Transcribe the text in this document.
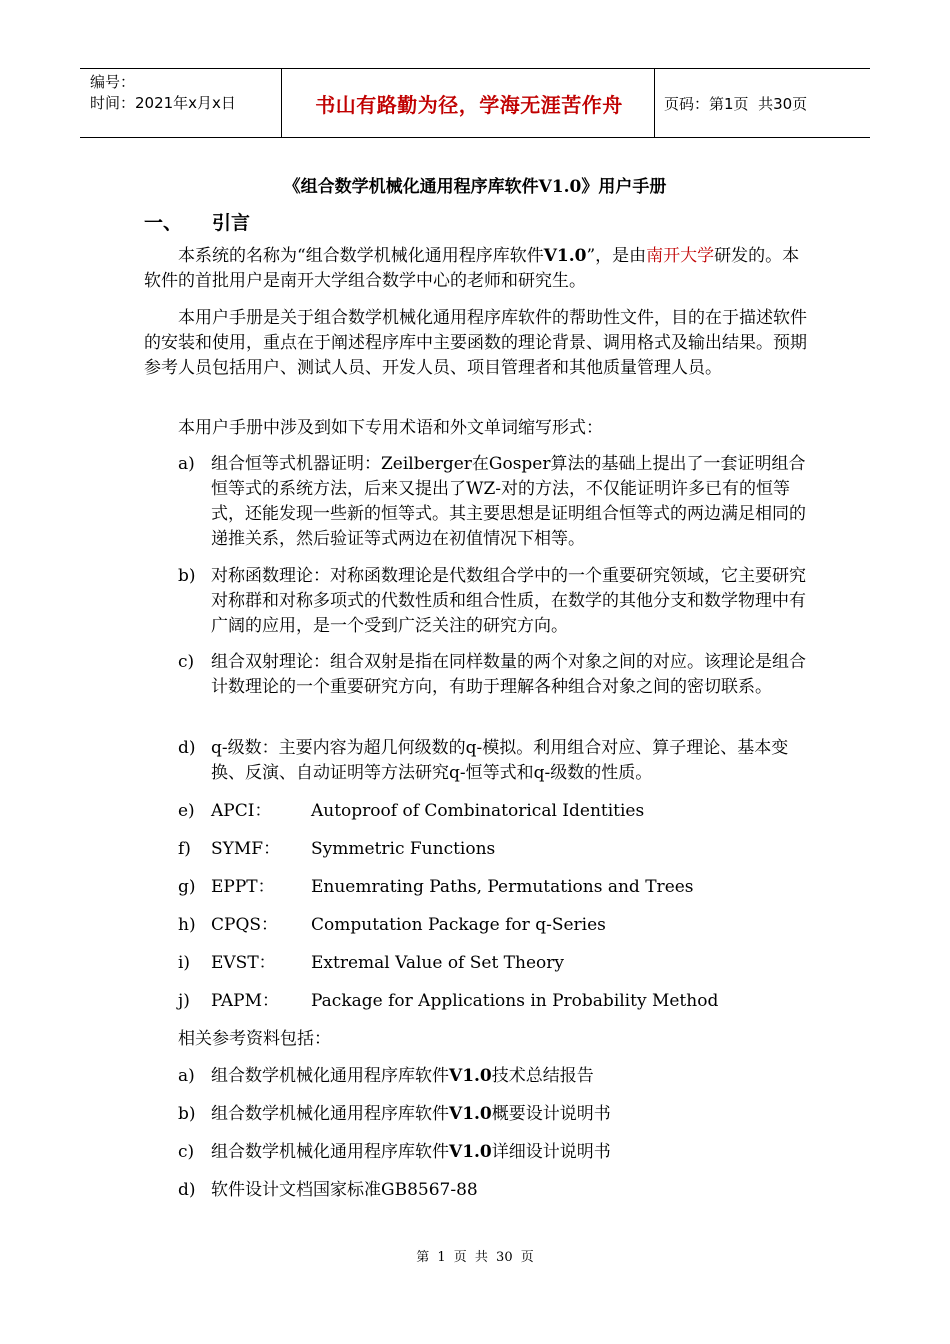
编号：
时间：2021年x月x日	书山有路勤为径，学海无涯苦作舟	页码：第1页  共30页
《组合数学机械化通用程序库软件V1.0》用户手册
一、 引言
本系统的名称为“组合数学机械化通用程序库软件V1.0”，是由南开大学研发的。本软件的首批用户是南开大学组合数学中心的老师和研究生。
本用户手册是关于组合数学机械化通用程序库软件的帮助性文件，目的在于描述软件的安装和使用，重点在于阐述程序库中主要函数的理论背景、调用格式及输出结果。预期参考人员包括用户、测试人员、开发人员、项目管理者和其他质量管理人员。
本用户手册中涉及到如下专用术语和外文单词缩写形式：
a) 组合恒等式机器证明：Zeilberger在Gosper算法的基础上提出了一套证明组合恒等式的系统方法，后来又提出了WZ-对的方法，不仅能证明许多已有的恒等式，还能发现一些新的恒等式。其主要思想是证明组合恒等式的两边满足相同的递推关系，然后验证等式两边在初值情况下相等。
b) 对称函数理论：对称函数理论是代数组合学中的一个重要研究领域，它主要研究对称群和对称多项式的代数性质和组合性质，在数学的其他分支和数学物理中有广阔的应用，是一个受到广泛关注的研究方向。
c) 组合双射理论：组合双射是指在同样数量的两个对象之间的对应。该理论是组合计数理论的一个重要研究方向，有助于理解各种组合对象之间的密切联系。
d) q-级数：主要内容为超几何级数的q-模拟。利用组合对应、算子理论、基本变换、反演、自动证明等方法研究q-恒等式和q-级数的性质。
e) APCI： Autoproof of Combinatorical Identities
f) SYMF： Symmetric Functions
g) EPPT： Enuemrating Paths, Permutations and Trees
h) CPQS： Computation Package for q-Series
i) EVST： Extremal Value of Set Theory
j) PAPM： Package for Applications in Probability Method
相关参考资料包括：
a) 组合数学机械化通用程序库软件V1.0技术总结报告
b) 组合数学机械化通用程序库软件V1.0概要设计说明书
c) 组合数学机械化通用程序库软件V1.0详细设计说明书
d) 软件设计文档国家标准GB8567-88
第 1 页 共 30 页
